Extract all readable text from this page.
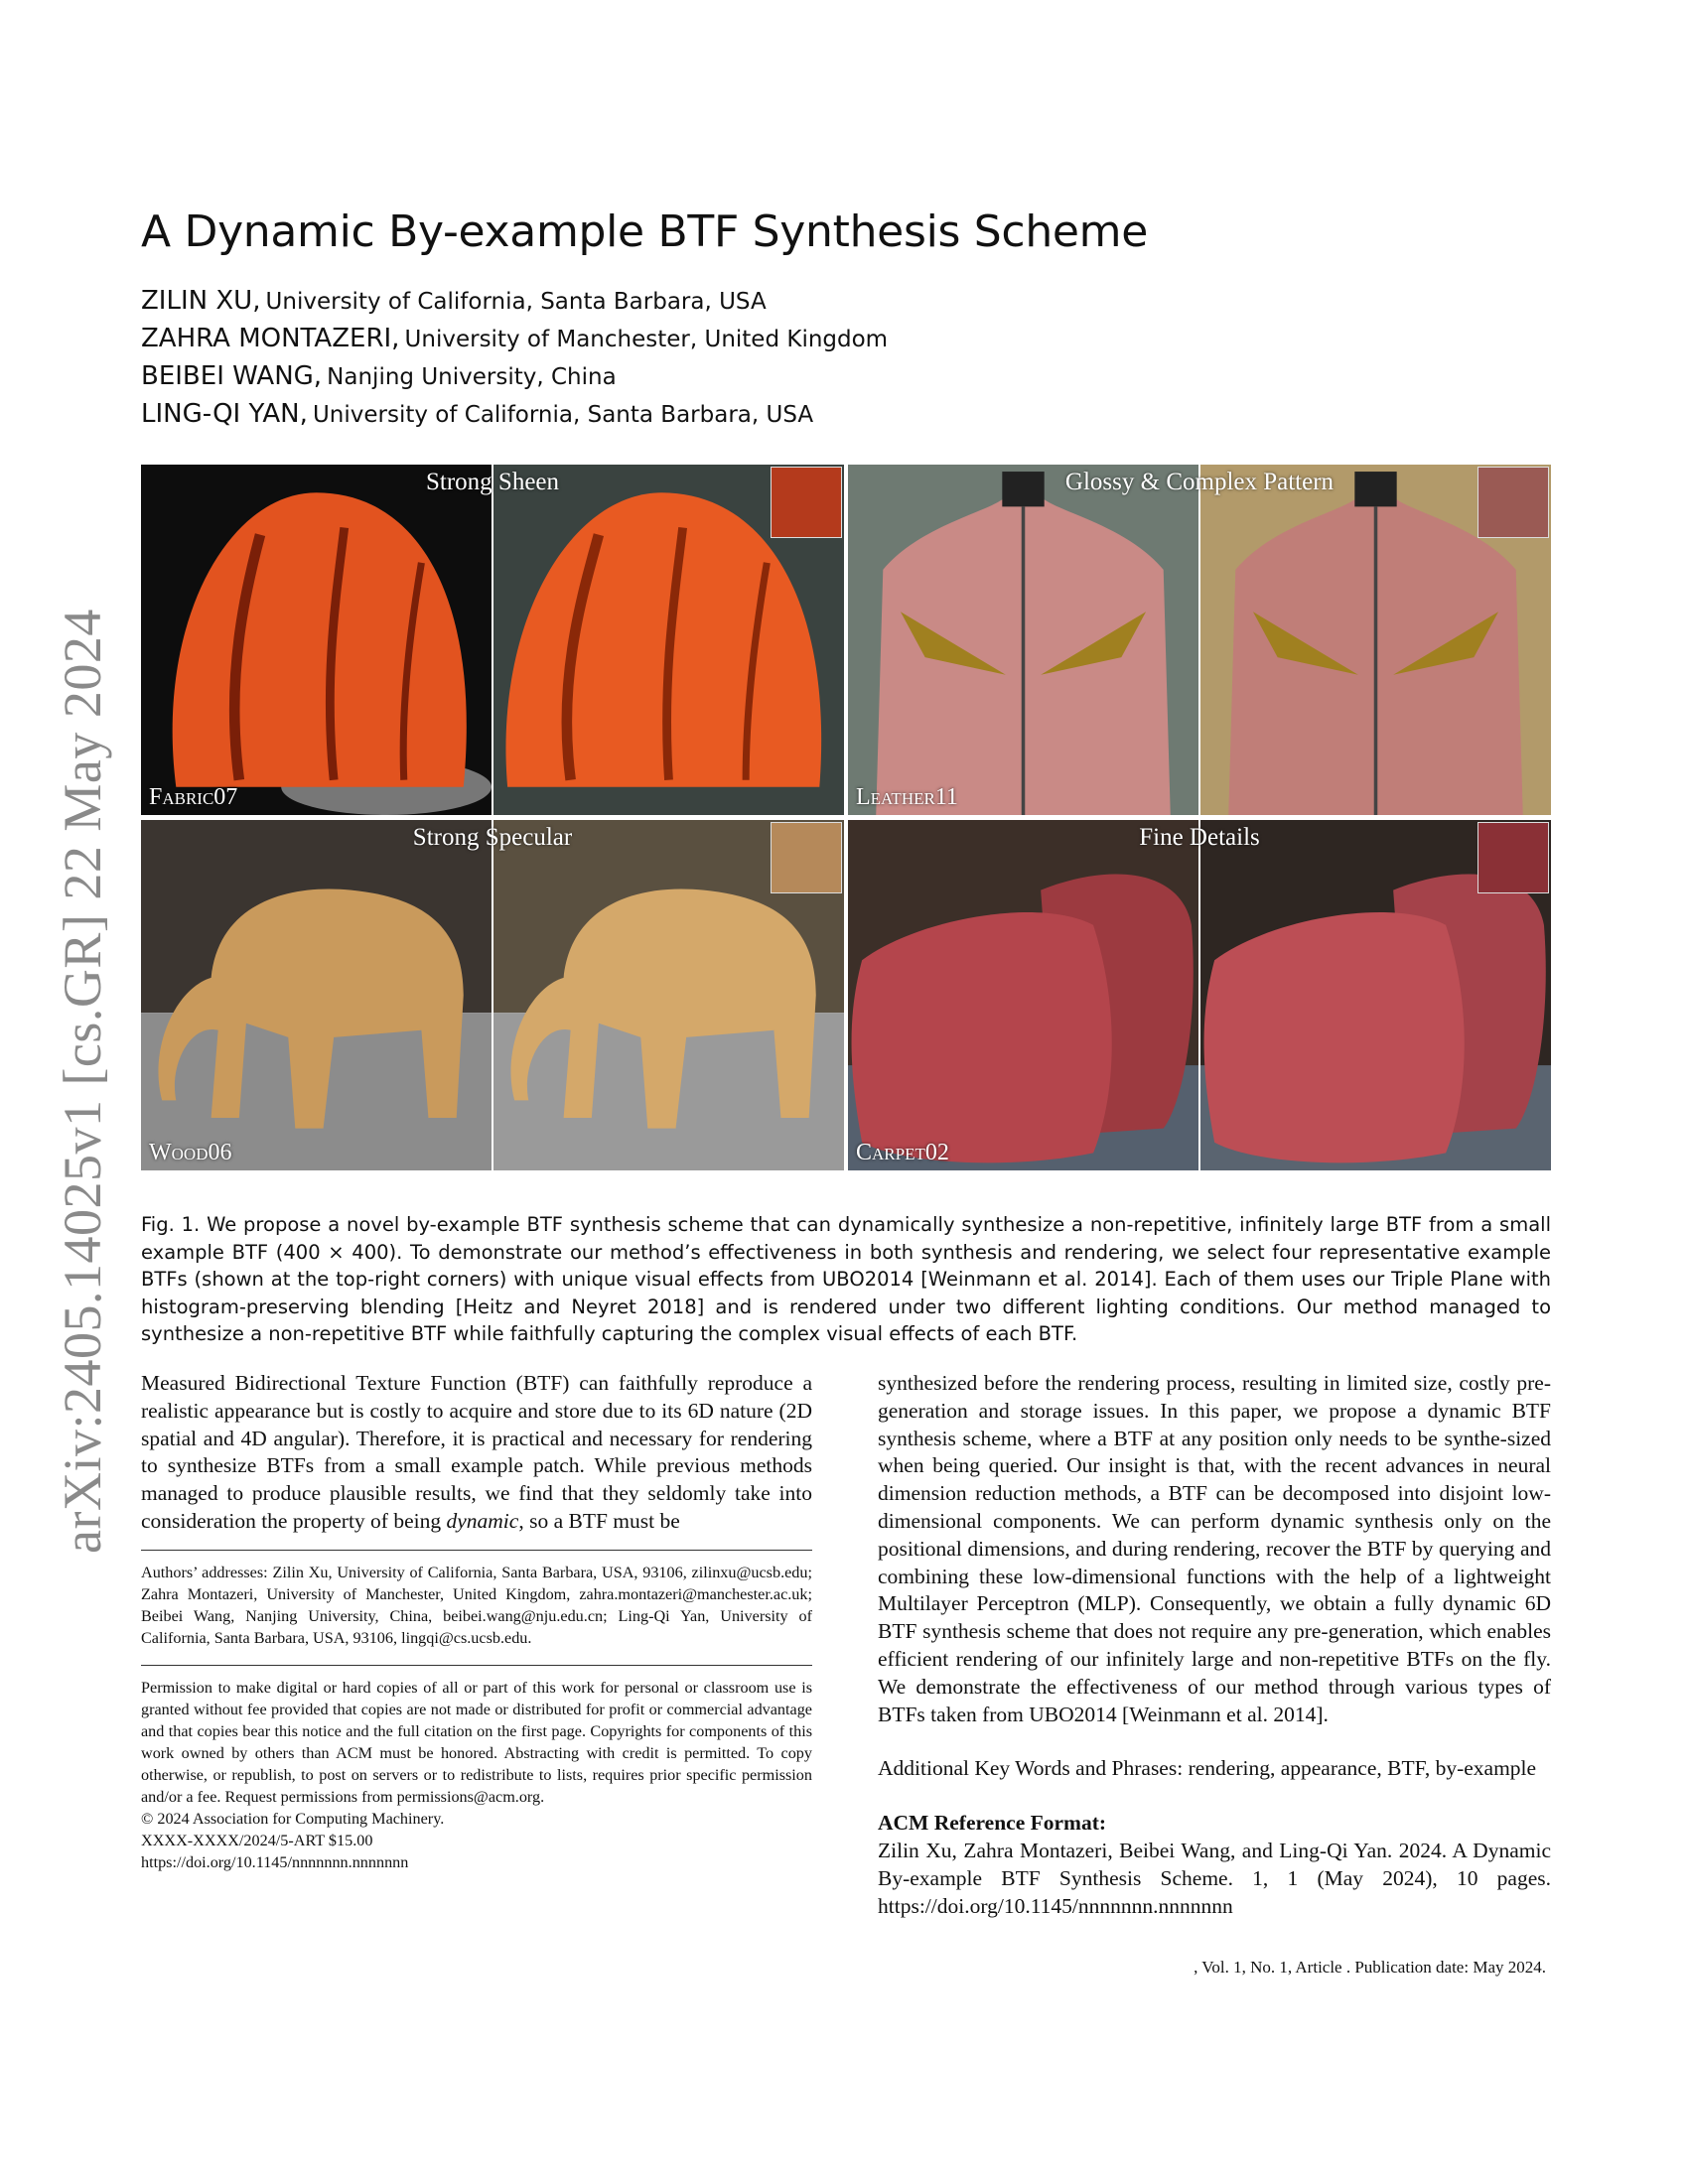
arXiv:2405.14025v1 [cs.GR] 22 May 2024
A Dynamic By-example BTF Synthesis Scheme
ZILIN XU, University of California, Santa Barbara, USA
ZAHRA MONTAZERI, University of Manchester, United Kingdom
BEIBEI WANG, Nanjing University, China
LING-QI YAN, University of California, Santa Barbara, USA
Strong Sheen
Fabric07
Glossy & Complex Pattern
Leather11
Strong Specular
Wood06
Fine Details
Carpet02

Fig. 1. We propose a novel by-example BTF synthesis scheme that can dynamically synthesize a non-repetitive, infinitely large BTF from a small example BTF (400 × 400). To demonstrate our method’s effectiveness in both synthesis and rendering, we select four representative example BTFs (shown at the top-right corners) with unique visual effects from UBO2014 [Weinmann et al. 2014]. Each of them uses our Triple Plane with histogram-preserving blending [Heitz and Neyret 2018] and is rendered under two different lighting conditions. Our method managed to synthesize a non-repetitive BTF while faithfully capturing the complex visual effects of each BTF.

Measured Bidirectional Texture Function (BTF) can faithfully reproduce a realistic appearance but is costly to acquire and store due to its 6D nature (2D spatial and 4D angular). Therefore, it is practical and necessary for rendering to synthesize BTFs from a small example patch. While previous methods managed to produce plausible results, we find that they seldomly take into consideration the property of being dynamic, so a BTF must be

Authors’ addresses: Zilin Xu, University of California, Santa Barbara, USA, 93106, zilinxu@ucsb.edu; Zahra Montazeri, University of Manchester, United Kingdom, zahra.montazeri@manchester.ac.uk; Beibei Wang, Nanjing University, China, beibei.wang@nju.edu.cn; Ling-Qi Yan, University of California, Santa Barbara, USA, 93106, lingqi@cs.ucsb.edu.

Permission to make digital or hard copies of all or part of this work for personal or classroom use is granted without fee provided that copies are not made or distributed for profit or commercial advantage and that copies bear this notice and the full citation on the first page. Copyrights for components of this work owned by others than ACM must be honored. Abstracting with credit is permitted. To copy otherwise, or republish, to post on servers or to redistribute to lists, requires prior specific permission and/or a fee. Request permissions from permissions@acm.org.

© 2024 Association for Computing Machinery.

XXXX-XXXX/2024/5-ART $15.00

https://doi.org/10.1145/nnnnnnn.nnnnnnn

synthesized before the rendering process, resulting in limited size, costly pre-generation and storage issues. In this paper, we propose a dynamic BTF synthesis scheme, where a BTF at any position only needs to be synthe-sized when being queried. Our insight is that, with the recent advances in neural dimension reduction methods, a BTF can be decomposed into disjoint low-dimensional components. We can perform dynamic synthesis only on the positional dimensions, and during rendering, recover the BTF by querying and combining these low-dimensional functions with the help of a lightweight Multilayer Perceptron (MLP). Consequently, we obtain a fully dynamic 6D BTF synthesis scheme that does not require any pre-generation, which enables efficient rendering of our infinitely large and non-repetitive BTFs on the fly. We demonstrate the effectiveness of our method through various types of BTFs taken from UBO2014 [Weinmann et al. 2014].

Additional Key Words and Phrases: rendering, appearance, BTF, by-example

ACM Reference Format:

Zilin Xu, Zahra Montazeri, Beibei Wang, and Ling-Qi Yan. 2024. A Dynamic By-example BTF Synthesis Scheme. 1, 1 (May 2024), 10 pages. https://doi.org/10.1145/nnnnnnn.nnnnnnn

, Vol. 1, No. 1, Article . Publication date: May 2024.
